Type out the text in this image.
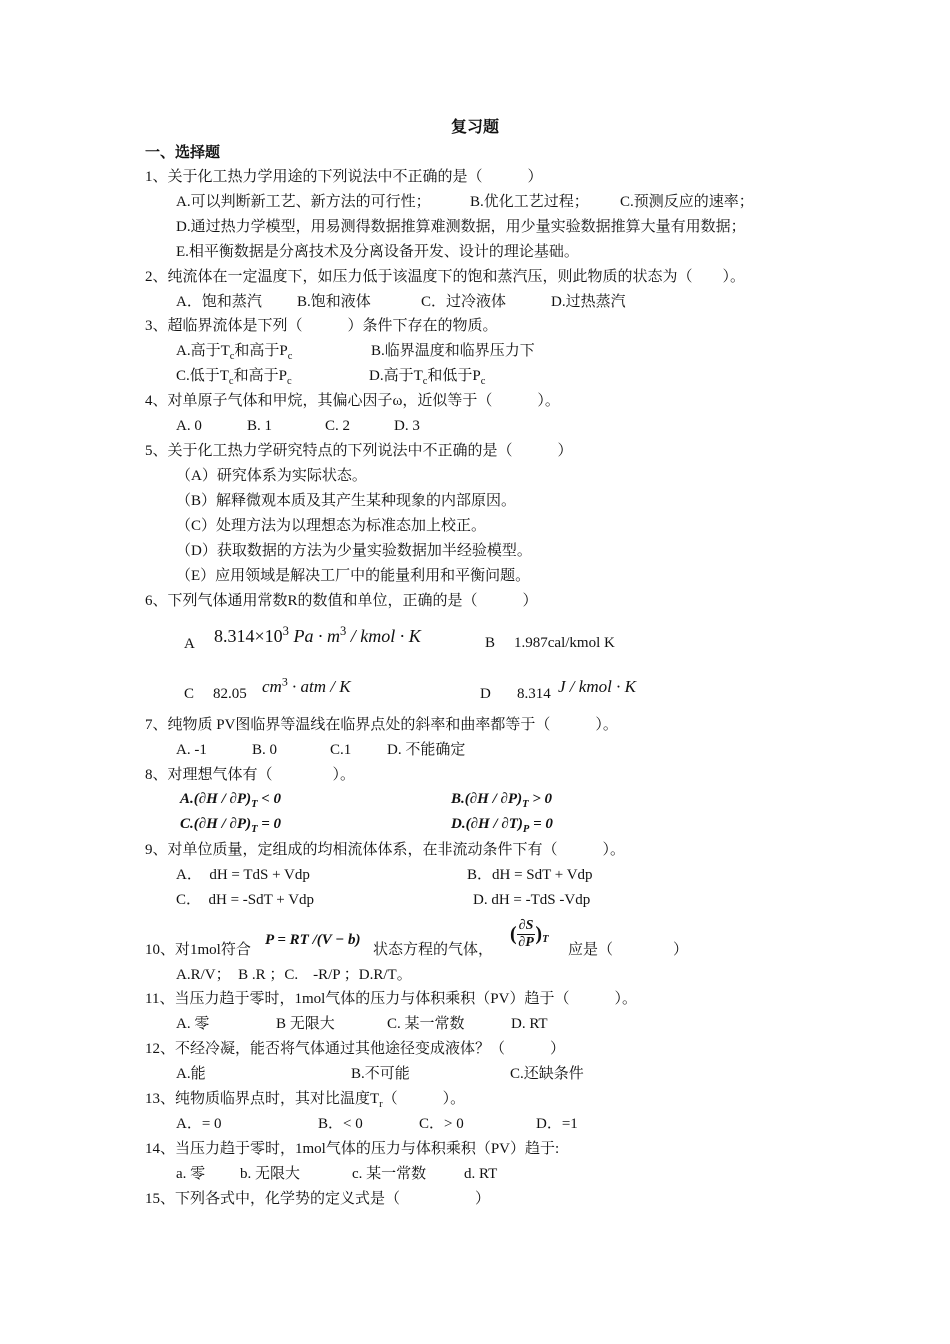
复习题
一、选择题
1、关于化工热力学用途的下列说法中不正确的是（　　　）
A.可以判断新工艺、新方法的可行性；	B.优化工艺过程； C.预测反应的速率；
D.通过热力学模型，用易测得数据推算难测数据，用少量实验数据推算大量有用数据；
E.相平衡数据是分离技术及分离设备开发、设计的理论基础。
2、纯流体在一定温度下，如压力低于该温度下的饱和蒸汽压，则此物质的状态为（　　）。
A．饱和蒸汽 B.饱和液体	C．过冷液体	D.过热蒸汽
3、超临界流体是下列（　　　）条件下存在的物质。
A.高于$T_c$和高于$P_c$	B.临界温度和临界压力下
C.低于$T_c$和高于$P_c$	D.高于$T_c$和低于$P_c$
4、对单原子气体和甲烷，其偏心因子ω，近似等于（　　　）。
A. 0	B. 1	C. 2	D. 3
5、关于化工热力学研究特点的下列说法中不正确的是（　　　）
（A）研究体系为实际状态。
（B）解释微观本质及其产生某种现象的内部原因。
（C）处理方法为以理想态为标准态加上校正。
（D）获取数据的方法为少量实验数据加半经验模型。
（E）应用领域是解决工厂中的能量利用和平衡问题。
6、下列气体通用常数R的数值和单位，正确的是（　　　）
A $8.314\times 10^3$ $Pa \cdot m^3$ / kmol · K	B 1.987cal/kmol K
C 82.05 $cm^3$ · atm / K	D 8.314 J / kmol · K
7、纯物质 PV图临界等温线在临界点处的斜率和曲率都等于（　　　）。
A. -1	B. 0	C.1 D. 不能确定
8、对理想气体有（　　　　）。
$A.(\partial H / \partial P)_T < 0$	$B.(\partial H / \partial P)_T > 0$
$C.(\partial H / \partial P)_T = 0$	$D.(\partial H / \partial T)_P = 0$
9、对单位质量，定组成的均相流体体系，在非流动条件下有（　　　）。
A．　dH = TdS + Vdp	B．dH = SdT + Vdp
C．　dH = -SdT + Vdp	D. dH = -TdS -Vdp
10、对1mol符合
P = RT /(V − b)
状态方程的气体，
( $\frac{\partial S}{\partial P} )_T$
应是（　　　　）
A.R/V；　B .R ；C.　-R/P ；D.R/T。
11、当压力趋于零时，1mol气体的压力与体积乘积（PV）趋于（　　　）。
A. 零	B 无限大	C. 某一常数	D. RT
12、不经冷凝，能否将气体通过其他途径变成液体？（　　　）
A.能	B.不可能	C.还缺条件
13、纯物质临界点时，其对比温度$T_r$（　　　）。
A．= 0	B．< 0	C．> 0	D．=1
14、当压力趋于零时，1mol气体的压力与体积乘积（PV）趋于:
a. 零 b. 无限大	c. 某一常数	d. RT
15、下列各式中，化学势的定义式是（　　　　　）
